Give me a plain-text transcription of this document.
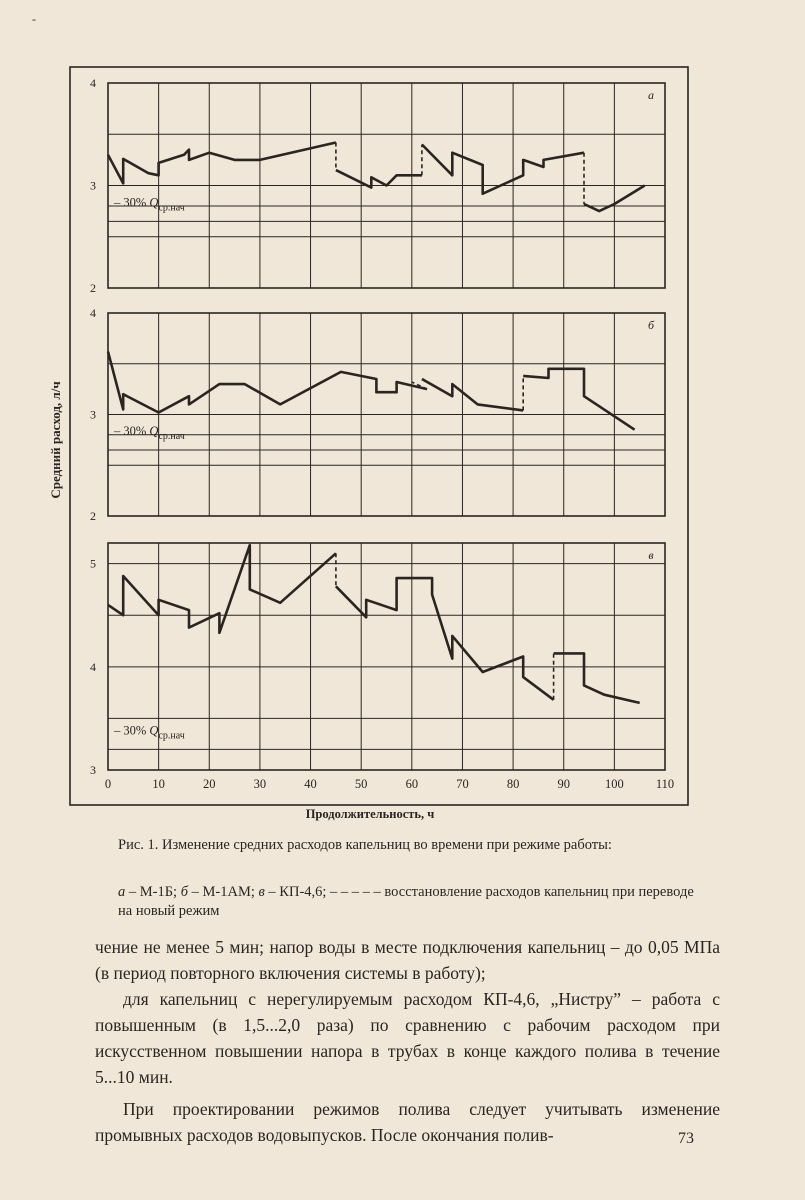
-
Средний расход, л/ч
Продолжительность, ч
4
3
2
а
– 30% $Q_{ср.нач}$
4
3
2
б
– 30% $Q_{ср.нач}$
5
4
3
0	10	20	30	40	50	60	70	80	90	100	110
в
– 30% $Q_{ср.нач}$
Рис. 1. Изменение средних расходов капельниц во времени при режиме работы:
а – М-1Б; б – М-1АМ; в – КП-4,6; – – – – – восстановление расходов капельниц при переводе на новый режим

чение не менее 5 мин; напор воды в месте подключения капельниц – до 0,05 МПа (в период повторного включения системы в работу);

для капельниц с нерегулируемым расходом КП-4,6, „Нистру” – работа с повышенным (в 1,5...2,0 раза) по сравнению с рабочим расходом при искусственном повышении напора в трубах в конце каждого полива в течение 5...10 мин.

При проектировании режимов полива следует учитывать изменение промывных расходов водовыпусков. После окончания полив-	73
